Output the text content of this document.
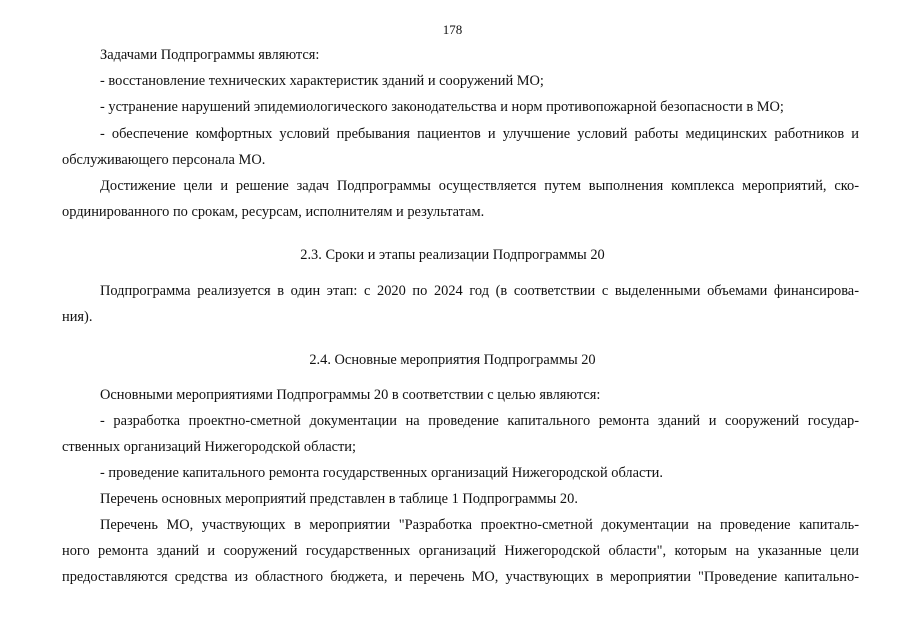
178
Задачами Подпрограммы являются:
- восстановление технических характеристик зданий и сооружений МО;
- устранение нарушений эпидемиологического законодательства и норм противопожарной безопасности в МО;
- обеспечение комфортных условий пребывания пациентов и улучшение условий работы медицинских работников и
обслуживающего персонала МО.
Достижение цели и решение задач Подпрограммы осуществляется путем выполнения комплекса мероприятий, ско-
ординированного по срокам, ресурсам, исполнителям и результатам.
2.3. Сроки и этапы реализации Подпрограммы 20
Подпрограмма реализуется в один этап: с 2020 по 2024 год (в соответствии с выделенными объемами финансирова-
ния).
2.4. Основные мероприятия Подпрограммы 20
Основными мероприятиями Подпрограммы 20 в соответствии с целью являются:
- разработка проектно-сметной документации на проведение капитального ремонта зданий и сооружений государ-
ственных организаций Нижегородской области;
- проведение капитального ремонта государственных организаций Нижегородской области.
Перечень основных мероприятий представлен в таблице 1 Подпрограммы 20.
Перечень МО, участвующих в мероприятии "Разработка проектно-сметной документации на проведение капиталь-
ного ремонта зданий и сооружений государственных организаций Нижегородской области", которым на указанные цели
предоставляются средства из областного бюджета, и перечень МО, участвующих в мероприятии "Проведение капитально-
